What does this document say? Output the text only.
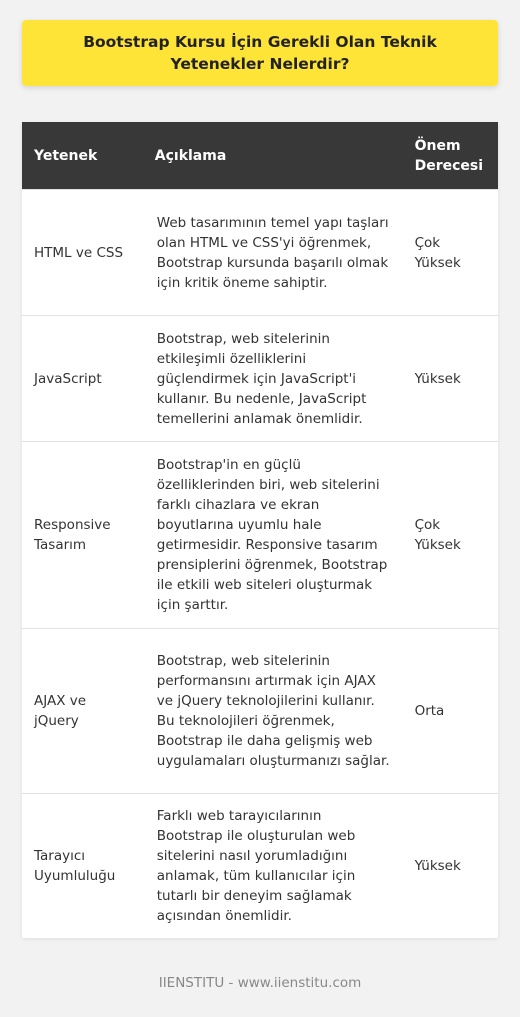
Bootstrap Kursu İçin Gerekli Olan Teknik Yetenekler Nelerdir?
Yetenek	Açıklama	Önem Derecesi
HTML ve CSS	Web tasarımının temel yapı taşları olan HTML ve CSS'yi öğrenmek, Bootstrap kursunda başarılı olmak için kritik öneme sahiptir.	Çok Yüksek
JavaScript	Bootstrap, web sitelerinin etkileşimli özelliklerini güçlendirmek için JavaScript'i kullanır. Bu nedenle, JavaScript temellerini anlamak önemlidir.	Yüksek
Responsive Tasarım	Bootstrap'in en güçlü özelliklerinden biri, web sitelerini farklı cihazlara ve ekran boyutlarına uyumlu hale getirmesidir. Responsive tasarım prensiplerini öğrenmek, Bootstrap ile etkili web siteleri oluşturmak için şarttır.	Çok Yüksek
AJAX ve jQuery	Bootstrap, web sitelerinin performansını artırmak için AJAX ve jQuery teknolojilerini kullanır. Bu teknolojileri öğrenmek, Bootstrap ile daha gelişmiş web uygulamaları oluşturmanızı sağlar.	Orta
Tarayıcı Uyumluluğu	Farklı web tarayıcılarının Bootstrap ile oluşturulan web sitelerini nasıl yorumladığını anlamak, tüm kullanıcılar için tutarlı bir deneyim sağlamak açısından önemlidir.	Yüksek
IIENSTITU - www.iienstitu.com
